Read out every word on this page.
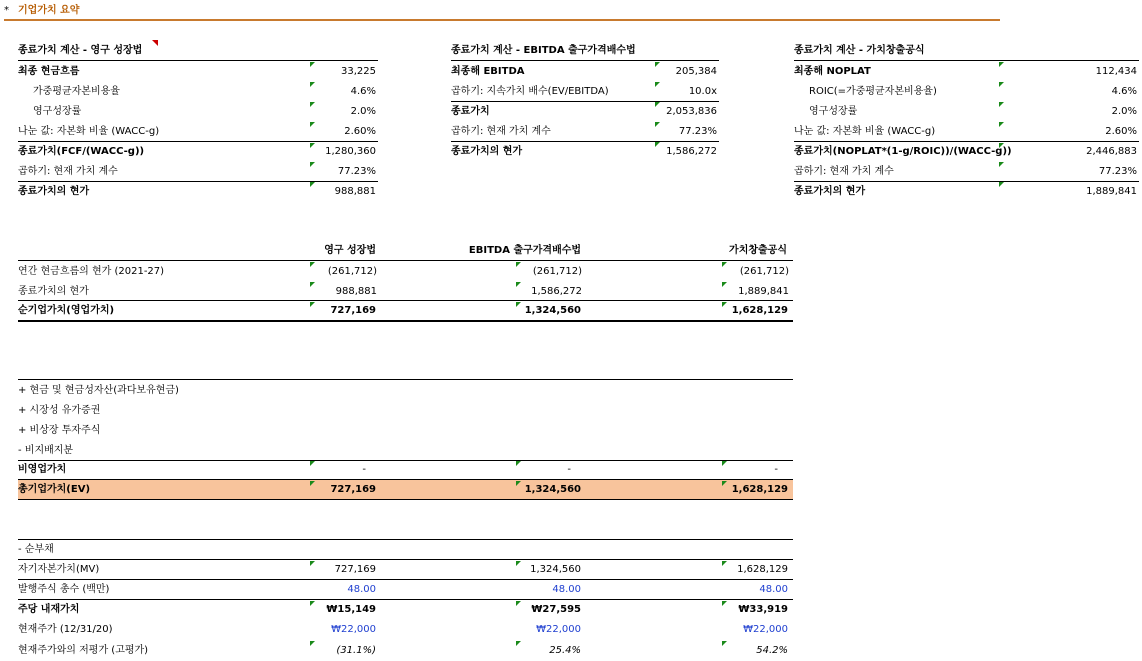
* 기업가치 요약
종료가치 계산 - 영구 성장법
최종 현금흐름	33,225
가중평균자본비용율	4.6%
영구성장률	2.0%
나눈 값: 자본화 비율 (WACC-g)	2.60%
종료가치(FCF/(WACC-g))	1,280,360
곱하기: 현재 가치 계수	77.23%
종료가치의 현가	988,881
종료가치 계산 - EBITDA 출구가격배수법
최종해 EBITDA	205,384
곱하기: 지속가치 배수(EV/EBITDA)	10.0x
종료가치	2,053,836
곱하기: 현재 가치 계수	77.23%
종료가치의 현가	1,586,272
종료가치 계산 - 가치창출공식
최종해 NOPLAT	112,434
ROIC(=가중평균자본비용율)	4.6%
영구성장률	2.0%
나눈 값: 자본화 비율 (WACC-g)	2.60%
종료가치(NOPLAT*(1-g/ROIC))/(WACC-g))	2,446,883
곱하기: 현재 가치 계수	77.23%
종료가치의 현가	1,889,841
영구 성장법	EBITDA 출구가격배수법	가치창출공식
연간 현금흐름의 현가 (2021-27)	(261,712)	(261,712)	(261,712)
종료가치의 현가	988,881	1,586,272	1,889,841
순기업가치(영업가치)	727,169	1,324,560	1,628,129
+ 현금 및 현금성자산(과다보유현금)
+ 시장성 유가증권
+ 비상장 투자주식
- 비지배지분
비영업가치	-	-	-
총기업가치(EV)	727,169	1,324,560	1,628,129
- 순부채
자기자본가치(MV)	727,169	1,324,560	1,628,129
발행주식 총수 (백만)	48.00	48.00	48.00
주당 내재가치	₩15,149	₩27,595	₩33,919
현재주가 (12/31/20)	₩22,000	₩22,000	₩22,000
현재주가와의 저평가 (고평가)	(31.1%)	25.4%	54.2%
